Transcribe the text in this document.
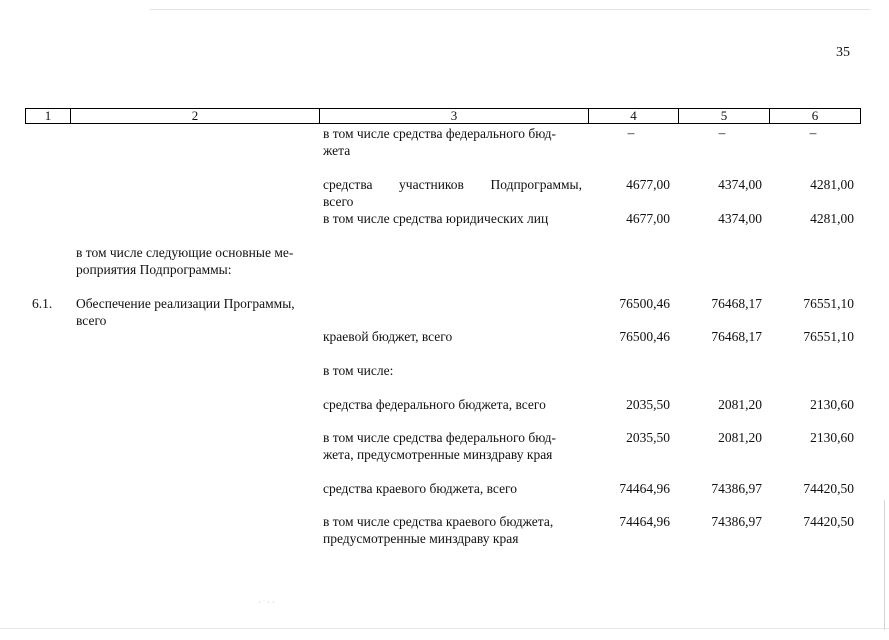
35
1	2	3	4	5	6
в том числе средства федерального бюд-
жета
–	–	–
средства участников Подпрограммы,
всего
4677,00	4374,00	4281,00
в том числе средства юридических лиц	4677,00	4374,00	4281,00
в том числе следующие основные ме-
роприятия Подпрограммы:
6.1. Обеспечение реализации Программы,
всего
76500,46	76468,17	76551,10
краевой бюджет, всего	76500,46	76468,17	76551,10
в том числе:
средства федерального бюджета, всего	2035,50	2081,20	2130,60
в том числе средства федерального бюд-
жета, предусмотренные минздраву края
2035,50	2081,20	2130,60
средства краевого бюджета, всего	74464,96	74386,97	74420,50
в том числе средства краевого бюджета,
предусмотренные минздраву края
74464,96	74386,97	74420,50
· ˙ · ·
